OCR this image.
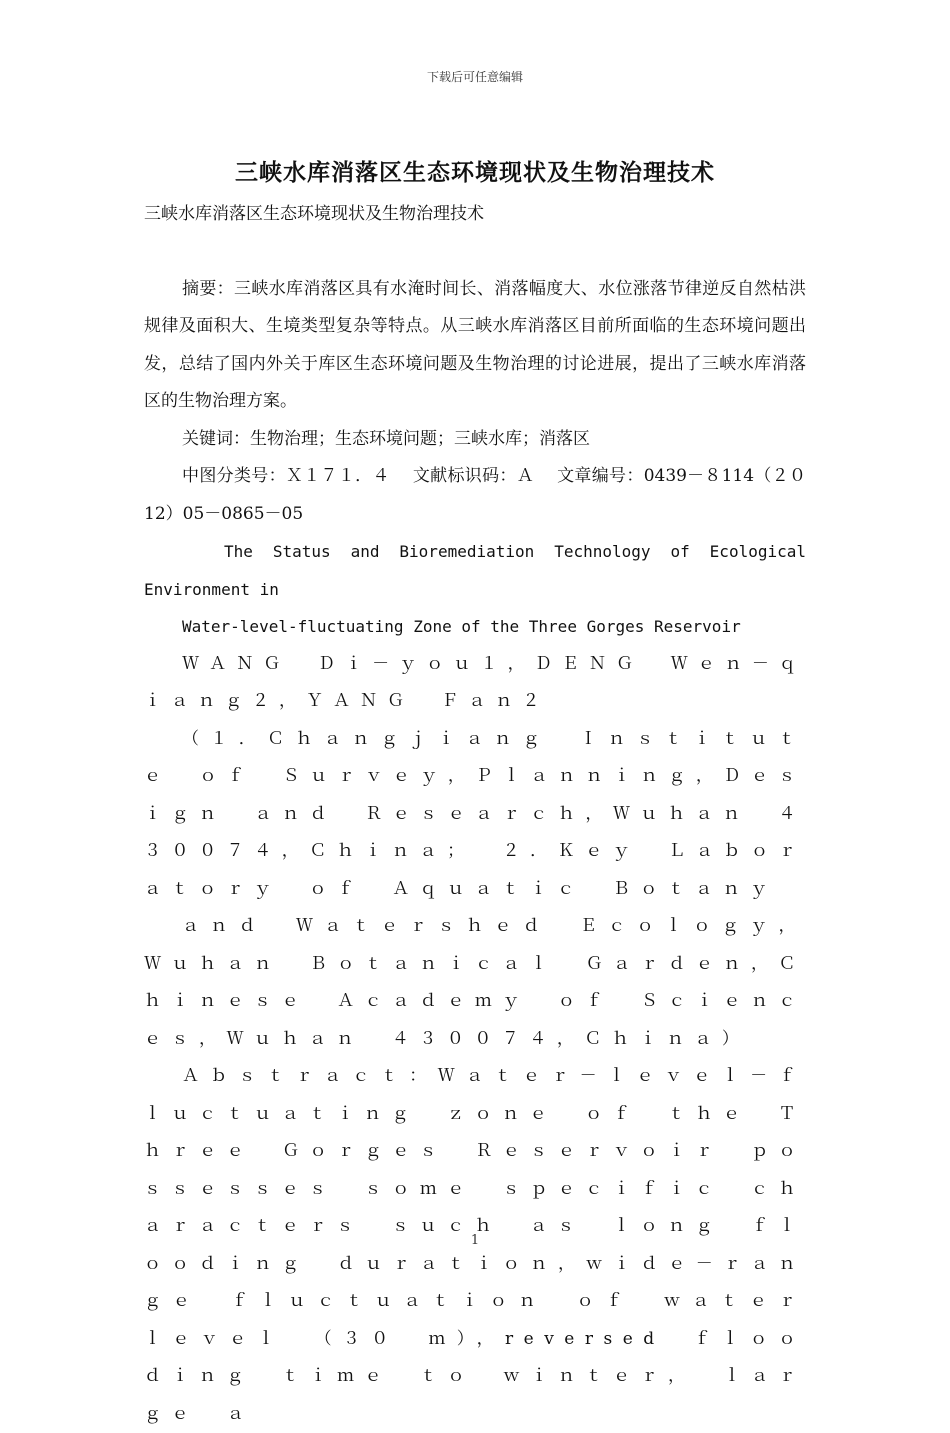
下载后可任意编辑
三峡水库消落区生态环境现状及生物治理技术

三峡水库消落区生态环境现状及生物治理技术

摘要：三峡水库消落区具有水淹时间长、消落幅度大、水位涨落节律逆反自然枯洪规律及面积大、生境类型复杂等特点。从三峡水库消落区目前所面临的生态环境问题出发，总结了国内外关于库区生态环境问题及生物治理的讨论进展，提出了三峡水库消落区的生物治理方案。

关键词：生物治理；生态环境问题；三峡水库；消落区

中图分类号：Ｘ１７１．４　 文献标识码：Ａ　 文章编号：0439－８114（２０12）05－0865－05

The Status and Bioremediation Technology of Ecological Environment in

Water-level-fluctuating Zone of the Three Gorges Reservoir

ＷＡＮＧ Ｄｉ－ｙｏｕ１，ＤＥＮＧ Ｗｅｎ－ｑｉａｎｇ２，ＹＡＮＧ Ｆａｎ２

（１．Ｃｈａｎｇｊｉａｎｇ Ｉｎｓｔｉｔｕｔｅ ｏｆ Ｓｕｒｖｅｙ，Ｐｌａｎｎｉｎｇ，Ｄｅｓｉｇｎ ａｎｄ Ｒｅｓｅａｒｃｈ，Ｗｕｈａｎ ４３００７４，Ｃｈｉｎａ； ２．Ｋｅｙ Ｌａｂｏｒａｔｏｒｙ ｏｆ Ａｑｕａｔｉｃ Ｂｏｔａｎｙ

ａｎｄ Ｗａｔｅｒｓｈｅｄ Ｅｃｏｌｏｇｙ，Ｗｕｈａｎ Ｂｏｔａｎｉｃａｌ Ｇａｒｄｅｎ，Ｃｈｉｎｅｓｅ Ａｃａｄｅｍｙ ｏｆ Ｓｃｉｅｎｃｅｓ，Ｗｕｈａｎ ４３００７４，Ｃｈｉｎａ）

Ａｂｓｔｒａｃｔ：Ｗａｔｅｒ－ｌｅｖｅｌ－ｆｌｕｃｔｕａｔｉｎｇ ｚｏｎｅ ｏｆ ｔｈｅ Ｔｈｒｅｅ Ｇｏｒｇｅｓ Ｒｅｓｅｒｖｏｉｒ ｐｏｓｓｅｓｓｅｓ ｓｏｍｅ ｓｐｅｃｉｆｉｃ ｃｈａｒａｃｔｅｒｓ ｓｕｃｈ ａｓ ｌｏｎｇ ｆｌｏｏｄｉｎｇ ｄｕｒａｔｉｏｎ，ｗｉｄｅ－ｒａｎｇｅ ｆｌｕｃｔｕａｔｉｏｎ ｏｆ ｗａｔｅｒ ｌｅｖｅｌ （３０ ｍ），reversed ｆｌｏｏｄｉｎｇ ｔｉｍｅ ｔｏ ｗｉｎｔｅｒ， ｌａｒｇｅ ａ

1
